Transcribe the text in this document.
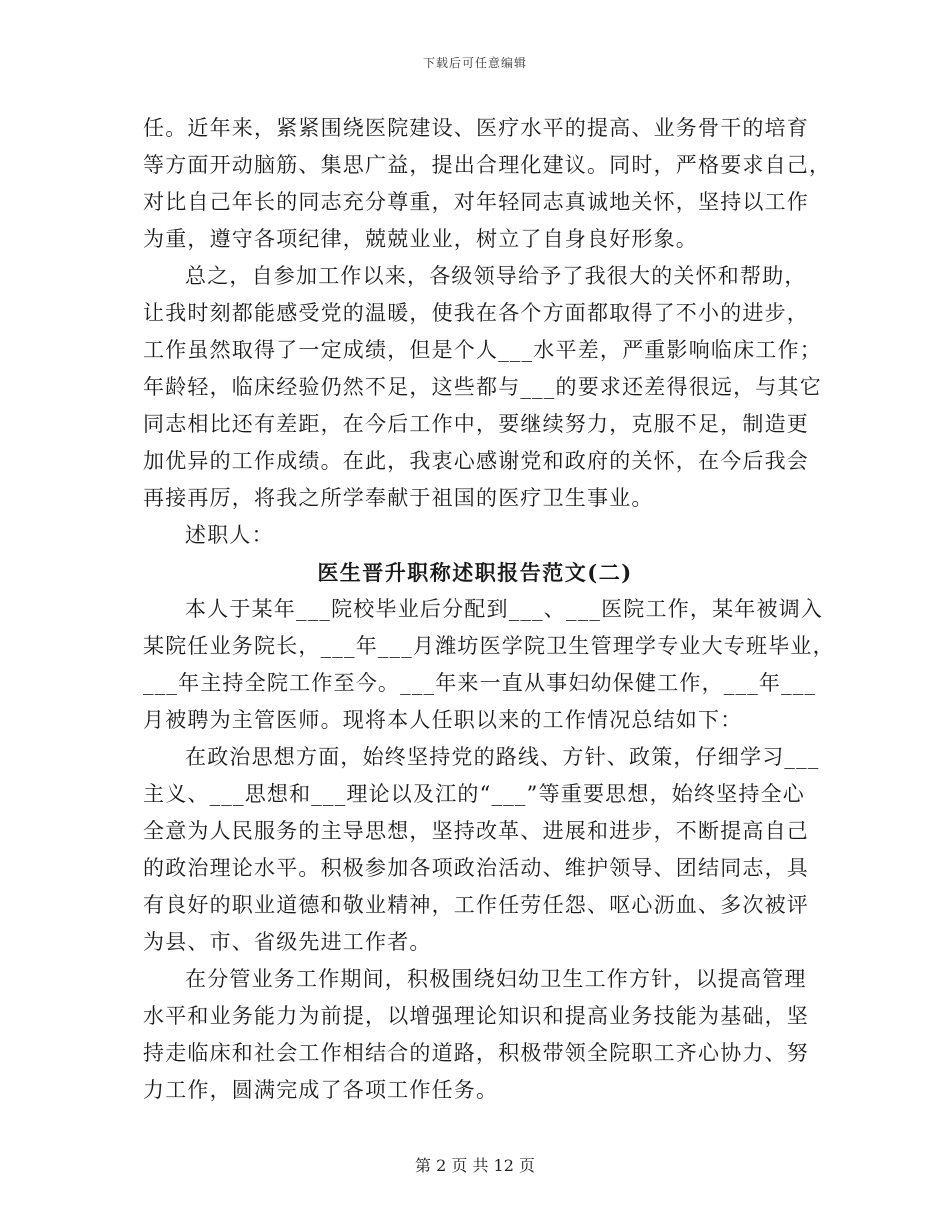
下载后可任意编辑
任。近年来，紧紧围绕医院建设、医疗水平的提高、业务骨干的培育
等方面开动脑筋、集思广益，提出合理化建议。同时，严格要求自己，
对比自己年长的同志充分尊重，对年轻同志真诚地关怀，坚持以工作
为重，遵守各项纪律，兢兢业业，树立了自身良好形象。
总之，自参加工作以来，各级领导给予了我很大的关怀和帮助，
让我时刻都能感受党的温暖，使我在各个方面都取得了不小的进步，
工作虽然取得了一定成绩，但是个人___水平差，严重影响临床工作；
年龄轻，临床经验仍然不足，这些都与___的要求还差得很远，与其它
同志相比还有差距，在今后工作中，要继续努力，克服不足，制造更
加优异的工作成绩。在此，我衷心感谢党和政府的关怀，在今后我会
再接再厉，将我之所学奉献于祖国的医疗卫生事业。
述职人：
医生晋升职称述职报告范文(二)
本人于某年___院校毕业后分配到___、___医院工作，某年被调入
某院任业务院长，___年___月潍坊医学院卫生管理学专业大专班毕业，
___年主持全院工作至今。___年来一直从事妇幼保健工作，___年___
月被聘为主管医师。现将本人任职以来的工作情况总结如下：
在政治思想方面，始终坚持党的路线、方针、政策，仔细学习___
主义、___思想和___理论以及江的“___”等重要思想，始终坚持全心
全意为人民服务的主导思想，坚持改革、进展和进步，不断提高自己
的政治理论水平。积极参加各项政治活动、维护领导、团结同志，具
有良好的职业道德和敬业精神，工作任劳任怨、呕心沥血、多次被评
为县、市、省级先进工作者。
在分管业务工作期间，积极围绕妇幼卫生工作方针，以提高管理
水平和业务能力为前提，以增强理论知识和提高业务技能为基础，坚
持走临床和社会工作相结合的道路，积极带领全院职工齐心协力、努
力工作，圆满完成了各项工作任务。
第 2 页 共 12 页
